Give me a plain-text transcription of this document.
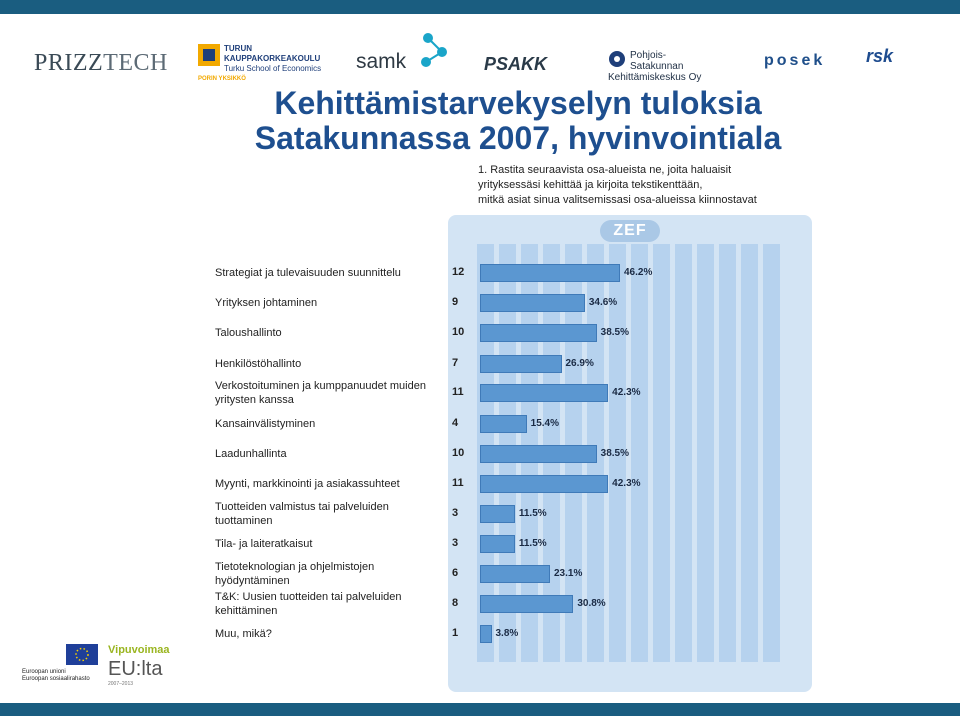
PRIZZTECH
TURUN KAUPPAKORKEAKOULU
Turku School of Economics
PORIN YKSIKKÖ
samk	PSAKK	Pohjois-Satakunnan
Kehittämiskeskus Oy
posek rsk
Kehittämistarvekyselyn tuloksia
Satakunnassa 2007, hyvinvointiala
1. Rastita seuraavista osa-alueista ne, joita haluaisit
yrityksessäsi kehittää ja kirjoita tekstikenttään,
mitkä asiat sinua valitsemissasi osa-alueissa kiinnostavat
ZEF
Strategiat ja tulevaisuuden suunnittelu	12	46.2%
Yrityksen johtaminen	9	34.6%
Taloushallinto	10	38.5%
Henkilöstöhallinto	7	26.9%
Verkostoituminen ja kumppanuudet muiden
yritysten kanssa
11	42.3%
Kansainvälistyminen	4	15.4%
Laadunhallinta	10	38.5%
Myynti, markkinointi ja asiakassuhteet	11	42.3%
Tuotteiden valmistus tai palveluiden
tuottaminen
3	11.5%
Tila- ja laiteratkaisut	3	11.5%
Tietoteknologian ja ohjelmistojen
hyödyntäminen
6	23.1%
T&K: Uusien tuotteiden tai palveluiden
kehittäminen
8	30.8%
Muu, mikä?	1	3.8%
Euroopan unioni
Euroopan sosiaalirahasto
Vipuvoimaa
EU:lta
2007–2013
